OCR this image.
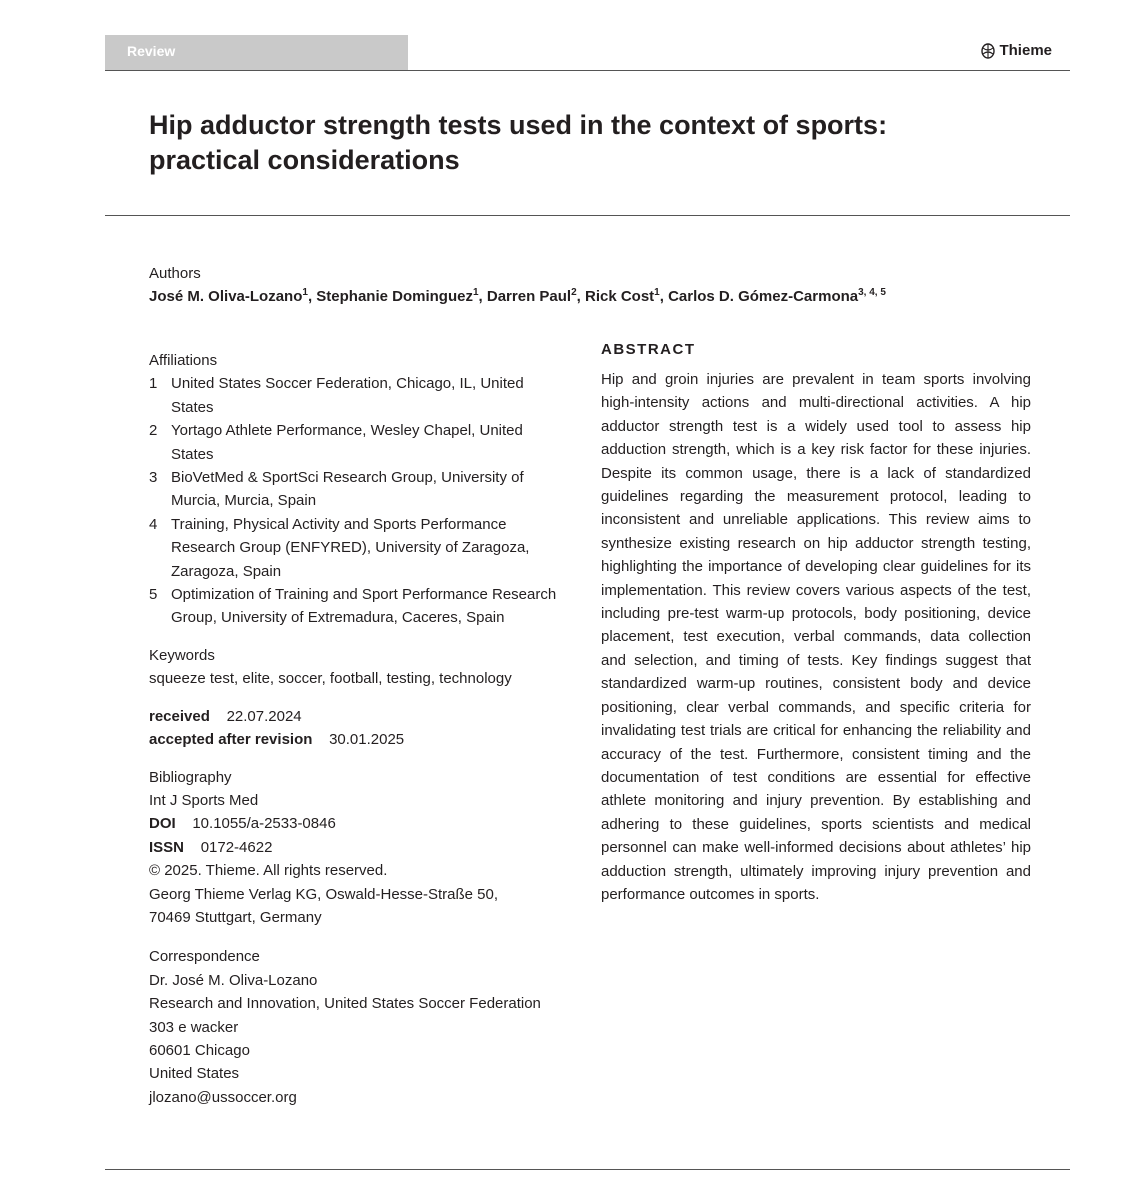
Review	Thieme
Hip adductor strength tests used in the context of sports:
practical considerations
Authors
José M. Oliva-Lozano$^1$, Stephanie Dominguez$^1$, Darren Paul$^2$, Rick Cost$^1$, Carlos D. Gómez-Carmona$^{3, 4, 5}$
Affiliations
1 United States Soccer Federation, Chicago, IL, United
States
2 Yortago Athlete Performance, Wesley Chapel, United
States
3 BioVetMed & SportSci Research Group, University of
Murcia, Murcia, Spain
4 Training, Physical Activity and Sports Performance
Research Group (ENFYRED), University of Zaragoza,
Zaragoza, Spain
5 Optimization of Training and Sport Performance Research
Group, University of Extremadura, Caceres, Spain
Keywords
squeeze test, elite, soccer, football, testing, technology
received 22.07.2024
accepted after revision 30.01.2025
Bibliography
Int J Sports Med
DOI 10.1055/a-2533-0846
ISSN 0172-4622
© 2025. Thieme. All rights reserved.
Georg Thieme Verlag KG, Oswald-Hesse-Straße 50,
70469 Stuttgart, Germany
Correspondence
Dr. José M. Oliva-Lozano
Research and Innovation, United States Soccer Federation
303 e wacker
60601 Chicago
United States
jlozano@ussoccer.org
ABSTRACT

Hip and groin injuries are prevalent in team sports involving high-intensity actions and multi-directional activities. A hip adductor strength test is a widely used tool to assess hip adduction strength, which is a key risk factor for these injuries. Despite its common usage, there is a lack of standardized guidelines regarding the measurement protocol, leading to inconsistent and unreliable applications. This review aims to synthesize existing research on hip adductor strength testing, highlighting the importance of developing clear guidelines for its implementation. This review covers various aspects of the test, including pre-test warm-up protocols, body positioning, device placement, test execution, verbal commands, data collection and selection, and timing of tests. Key findings suggest that standardized warm-up routines, consistent body and device positioning, clear verbal commands, and specific criteria for invalidating test trials are critical for enhancing the reliability and accuracy of the test. Furthermore, consistent timing and the documentation of test conditions are essential for effective athlete monitoring and injury prevention. By establishing and adhering to these guidelines, sports scientists and medical personnel can make well-informed decisions about athletes’ hip adduction strength, ultimately improving injury prevention and performance outcomes in sports.
